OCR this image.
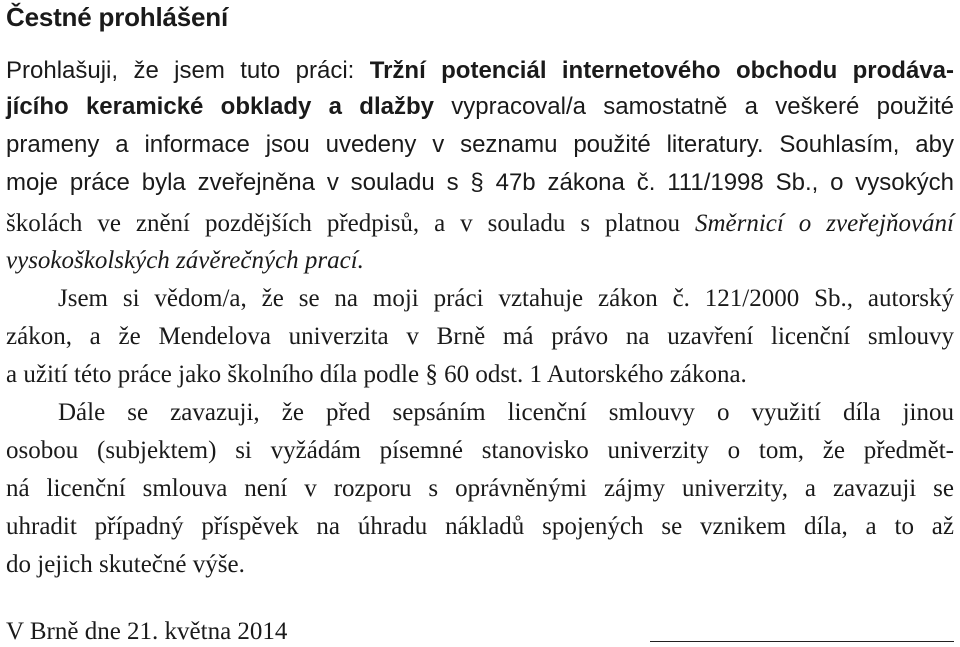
Čestné prohlášení
Prohlašuji, že jsem tuto práci: Tržní potenciál internetového obchodu prodáva-
jícího keramické obklady a dlažby vypracoval/a samostatně a veškeré použité
prameny a informace jsou uvedeny v seznamu použité literatury. Souhlasím, aby
moje práce byla zveřejněna v souladu s § 47b zákona č. 111/1998 Sb., o vysokých
školách ve znění pozdějších předpisů, a v souladu s platnou Směrnicí o zveřejňování
vysokoškolských závěrečných prací.
Jsem si vědom/a, že se na moji práci vztahuje zákon č. 121/2000 Sb., autorský
zákon, a že Mendelova univerzita v Brně má právo na uzavření licenční smlouvy
a užití této práce jako školního díla podle § 60 odst. 1 Autorského zákona.
Dále se zavazuji, že před sepsáním licenční smlouvy o využití díla jinou
osobou (subjektem) si vyžádám písemné stanovisko univerzity o tom, že předmět-
ná licenční smlouva není v rozporu s oprávněnými zájmy univerzity, a zavazuji se
uhradit případný příspěvek na úhradu nákladů spojených se vznikem díla, a to až
do jejich skutečné výše.
V Brně dne 21. května 2014
